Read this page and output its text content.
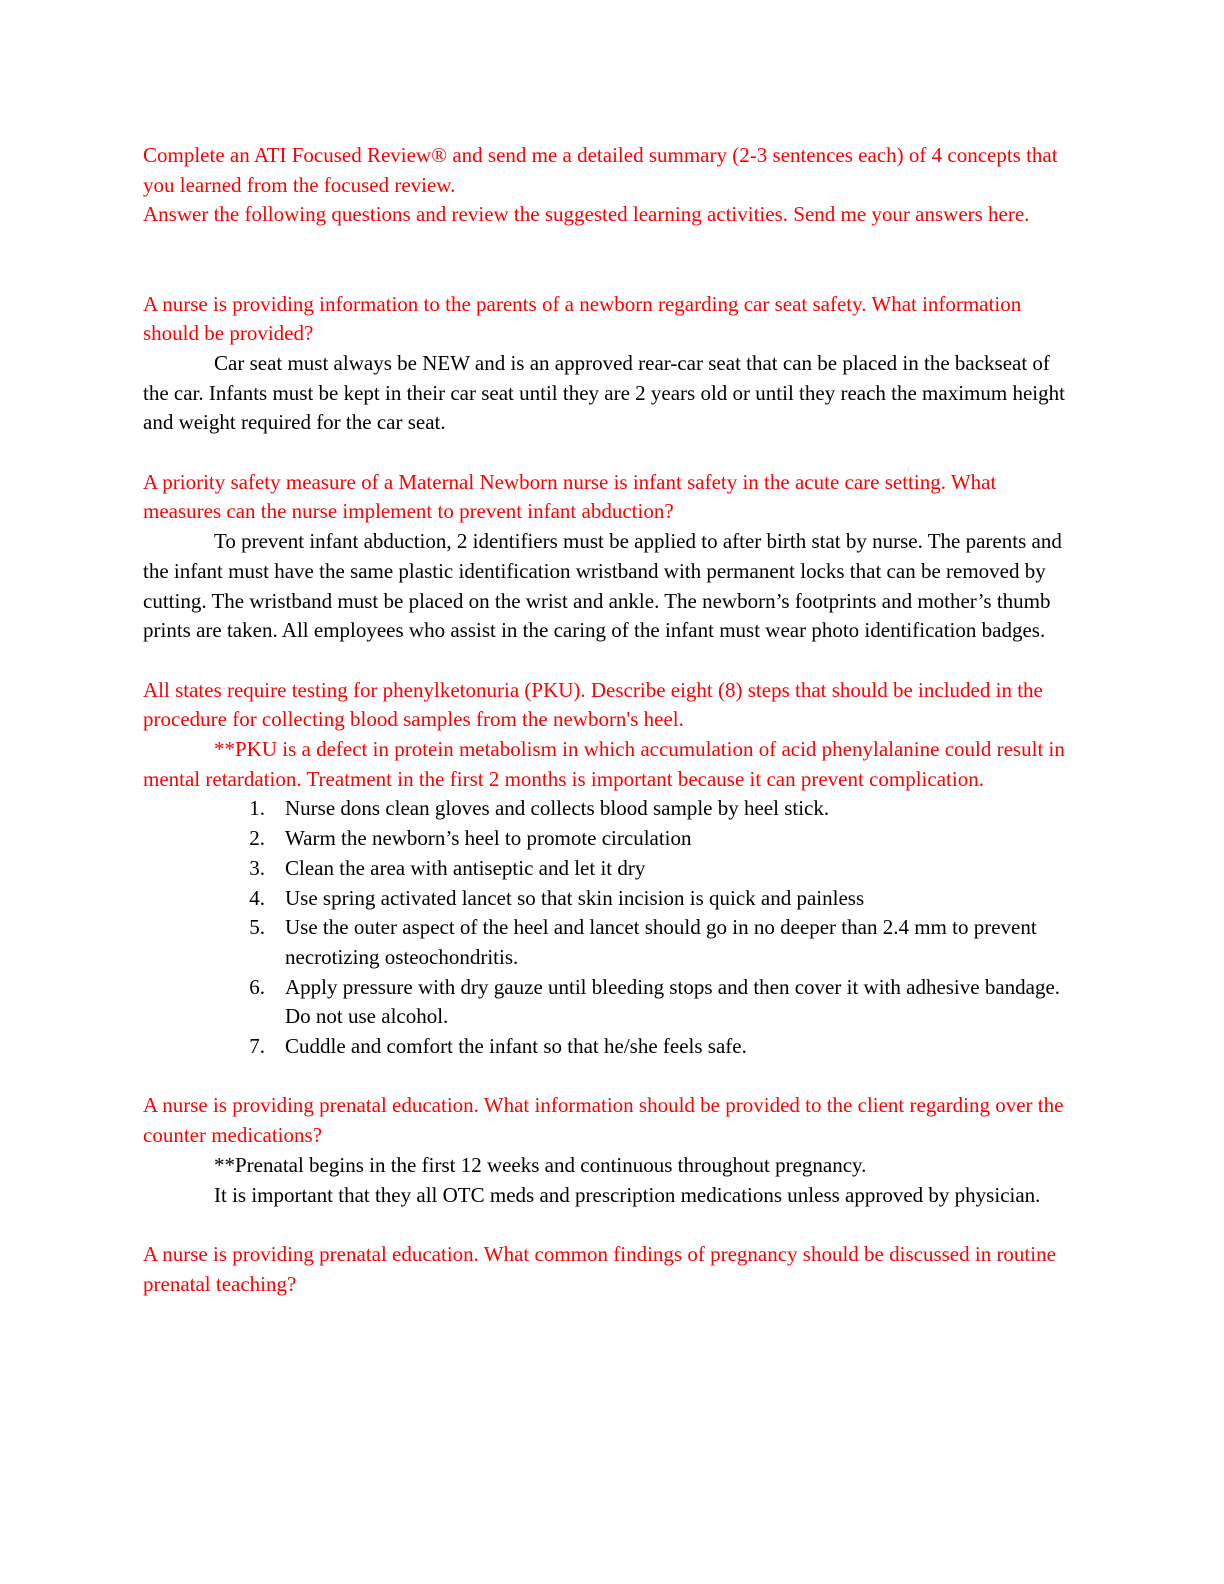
Complete an ATI Focused Review® and send me a detailed summary (2-3 sentences each) of 4 concepts that you learned from the focused review.

Answer the following questions and review the suggested learning activities. Send me your answers here.

A nurse is providing information to the parents of a newborn regarding car seat safety. What information should be provided?

Car seat must always be NEW and is an approved rear-car seat that can be placed in the backseat of the car. Infants must be kept in their car seat until they are 2 years old or until they reach the maximum height and weight required for the car seat.

A priority safety measure of a Maternal Newborn nurse is infant safety in the acute care setting. What measures can the nurse implement to prevent infant abduction?

To prevent infant abduction, 2 identifiers must be applied to after birth stat by nurse. The parents and the infant must have the same plastic identification wristband with permanent locks that can be removed by cutting. The wristband must be placed on the wrist and ankle. The newborn’s footprints and mother’s thumb prints are taken. All employees who assist in the caring of the infant must wear photo identification badges.

All states require testing for phenylketonuria (PKU). Describe eight (8) steps that should be included in the procedure for collecting blood samples from the newborn's heel.

**PKU is a defect in protein metabolism in which accumulation of acid phenylalanine could result in mental retardation. Treatment in the first 2 months is important because it can prevent complication.

1. Nurse dons clean gloves and collects blood sample by heel stick.
2. Warm the newborn’s heel to promote circulation
3. Clean the area with antiseptic and let it dry
4. Use spring activated lancet so that skin incision is quick and painless
5. Use the outer aspect of the heel and lancet should go in no deeper than 2.4 mm to prevent necrotizing osteochondritis.
6. Apply pressure with dry gauze until bleeding stops and then cover it with adhesive bandage. Do not use alcohol.
7. Cuddle and comfort the infant so that he/she feels safe.

A nurse is providing prenatal education. What information should be provided to the client regarding over the counter medications?

**Prenatal begins in the first 12 weeks and continuous throughout pregnancy.

It is important that they all OTC meds and prescription medications unless approved by physician.

A nurse is providing prenatal education. What common findings of pregnancy should be discussed in routine prenatal teaching?
